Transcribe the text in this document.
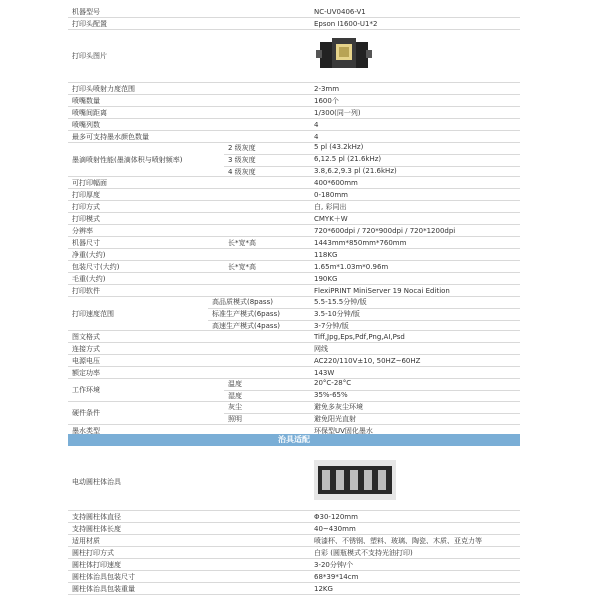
机器型号	NC-UV0406-V1
打印头配置	Epson I1600-U1*2
打印头图片
打印头喷射力度范围	2-3mm
喷嘴数量	1600个
喷嘴间距离	1/300(同一列)
喷嘴列数	4
最多可支持墨水颜色数量	4
墨滴喷射性能(墨滴体积与喷射频率)
2 级灰度	5 pl (43.2kHz)
3 级灰度	6,12.5 pl (21.6kHz)
4 级灰度	3.8,6.2,9.3 pl (21.6kHz)
可打印幅面	400*600mm
打印厚度	0-180mm
打印方式	白, 彩同出
打印模式	CMYK＋W
分辨率	720*600dpi / 720*900dpi / 720*1200dpi
机器尺寸	长*宽*高	1443mm*850mm*760mm
净重(大约)	118KG
包装尺寸(大约)	长*宽*高	1.65m*1.03m*0.96m
毛重(大约)	190KG
打印软件	FlexiPRINT MiniServer 19 Nocai Edition
打印速度范围
高品质模式(8pass)	5.5-15.5分钟/版
标准生产模式(6pass)	3.5-10分钟/版
高速生产模式(4pass)	3-7分钟/版
图文格式	Tiff,Jpg,Eps,Pdf,Png,AI,Psd
连接方式	网线
电源电压	AC220/110V±10, 50HZ~60HZ
额定功率	143W
工作环境
温度	20°C-28°C
湿度	35%-65%
硬件条件
灰尘	避免多灰尘环境
照明	避免阳光直射
墨水类型	环保型UV固化墨水
治具适配
电动圆柱体治具
支持圆柱体直径	Φ30-120mm
支持圆柱体长度	40~430mm
适用材质	喷漆杯、不锈钢、塑料、玻璃、陶瓷、木质、亚克力等
圆柱打印方式	白彩 (圆瓶模式不支持光油打印)
圆柱体打印速度	3-20分钟/个
圆柱体治具包装尺寸	68*39*14cm
圆柱体治具包装重量	12KG
